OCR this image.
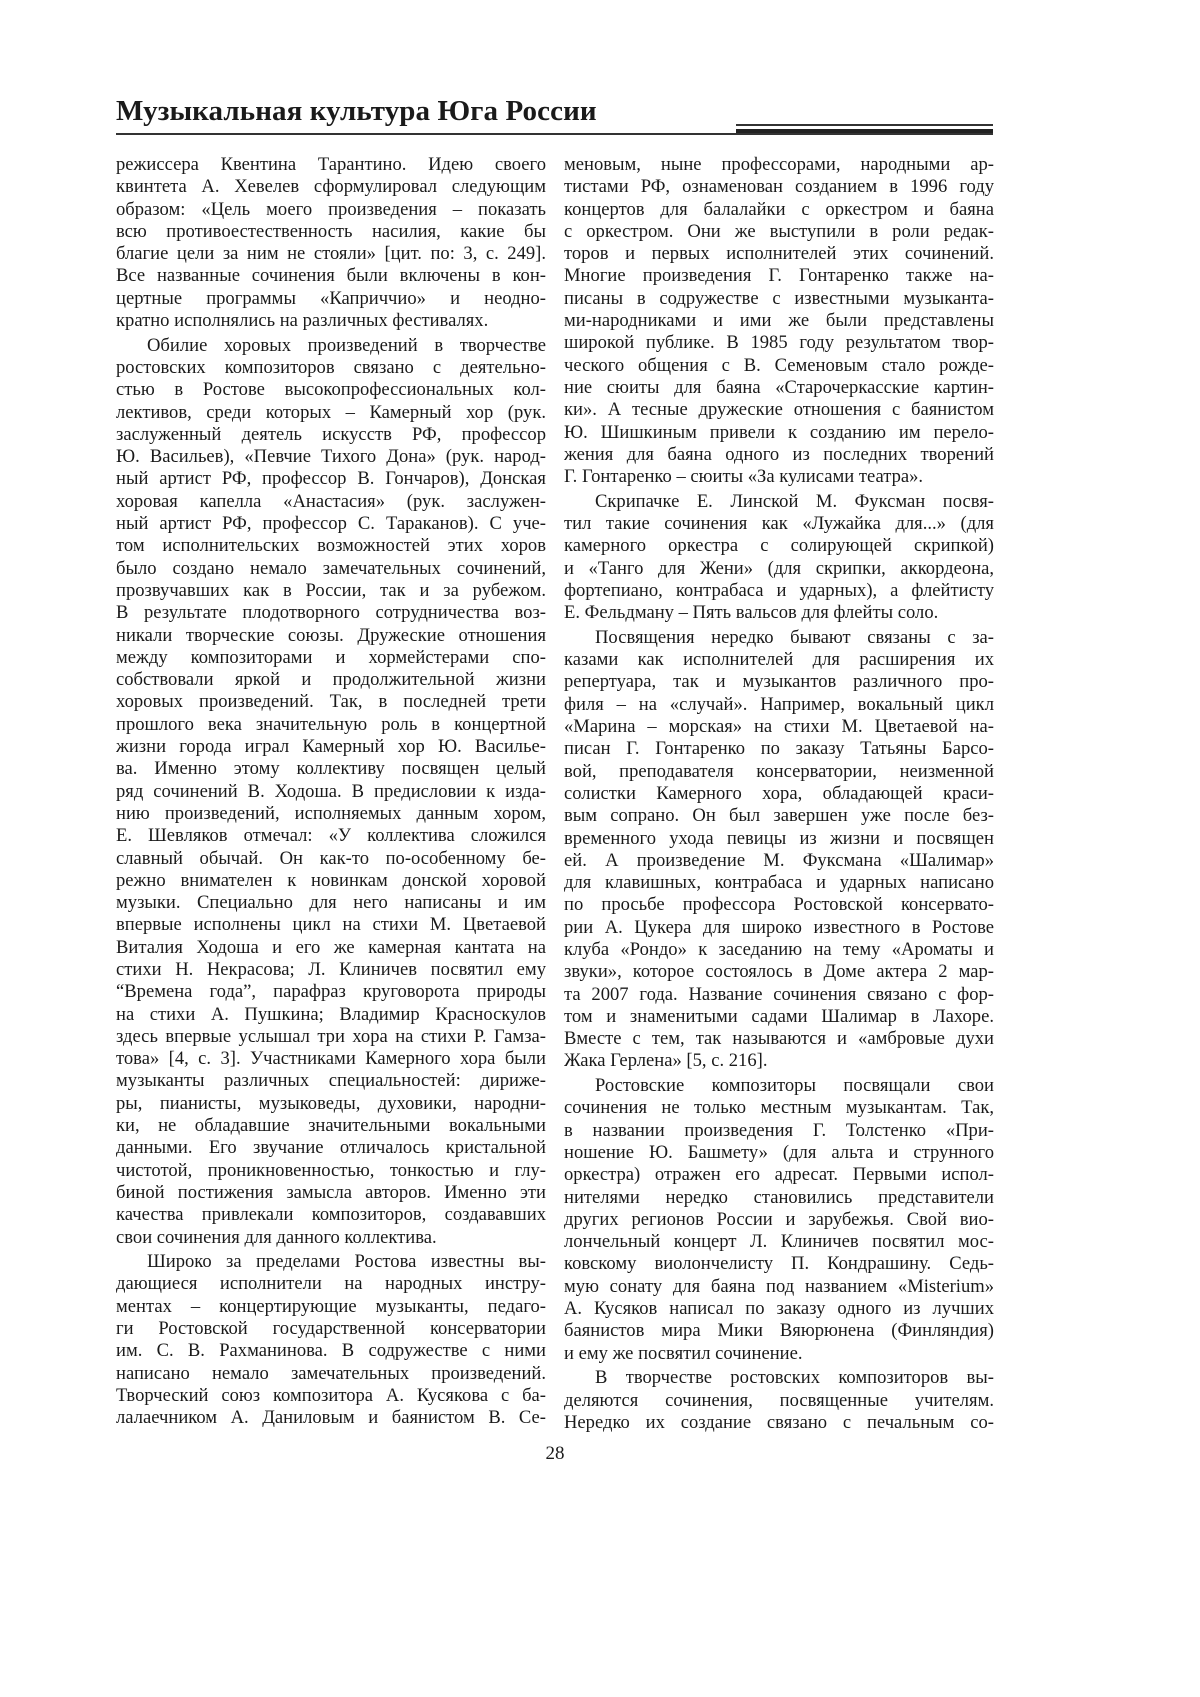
Музыкальная культура Юга России
режиссера Квентина Тарантино. Идею своего
квинтета А. Хевелев сформулировал следующим
образом: «Цель моего произведения – показать
всю противоестественность насилия, какие бы
благие цели за ним не стояли» [цит. по: 3, с. 249].
Все названные сочинения были включены в кон-
цертные программы «Каприччио» и неодно-
кратно исполнялись на различных фестивалях.
Обилие хоровых произведений в творчестве
ростовских композиторов связано с деятельно-
стью в Ростове высокопрофессиональных кол-
лективов, среди которых – Камерный хор (рук.
заслуженный деятель искусств РФ, профессор
Ю. Васильев), «Певчие Тихого Дона» (рук. народ-
ный артист РФ, профессор В. Гончаров), Донская
хоровая капелла «Анастасия» (рук. заслужен-
ный артист РФ, профессор С. Тараканов). С уче-
том исполнительских возможностей этих хоров
было создано немало замечательных сочинений,
прозвучавших как в России, так и за рубежом.
В результате плодотворного сотрудничества воз-
никали творческие союзы. Дружеские отношения
между композиторами и хормейстерами спо-
собствовали яркой и продолжительной жизни
хоровых произведений. Так, в последней трети
прошлого века значительную роль в концертной
жизни города играл Камерный хор Ю. Василье-
ва. Именно этому коллективу посвящен целый
ряд сочинений В. Ходоша. В предисловии к изда-
нию произведений, исполняемых данным хором,
Е. Шевляков отмечал: «У коллектива сложился
славный обычай. Он как-то по-особенному бе-
режно внимателен к новинкам донской хоровой
музыки. Специально для него написаны и им
впервые исполнены цикл на стихи М. Цветаевой
Виталия Ходоша и его же камерная кантата на
стихи Н. Некрасова; Л. Клиничев посвятил ему
“Времена года”, парафраз круговорота природы
на стихи А. Пушкина; Владимир Красноскулов
здесь впервые услышал три хора на стихи Р. Гамза-
това» [4, с. 3]. Участниками Камерного хора были
музыканты различных специальностей: дириже-
ры, пианисты, музыковеды, духовики, народни-
ки, не обладавшие значительными вокальными
данными. Его звучание отличалось кристальной
чистотой, проникновенностью, тонкостью и глу-
биной постижения замысла авторов. Именно эти
качества привлекали композиторов, создававших
свои сочинения для данного коллектива.
Широко за пределами Ростова известны вы-
дающиеся исполнители на народных инстру-
ментах – концертирующие музыканты, педаго-
ги Ростовской государственной консерватории
им. С. В. Рахманинова. В содружестве с ними
написано немало замечательных произведений.
Творческий союз композитора А. Кусякова с ба-
лалаечником А. Даниловым и баянистом В. Се-
меновым, ныне профессорами, народными ар-
тистами РФ, ознаменован созданием в 1996 году
концертов для балалайки с оркестром и баяна
с оркестром. Они же выступили в роли редак-
торов и первых исполнителей этих сочинений.
Многие произведения Г. Гонтаренко также на-
писаны в содружестве с известными музыканта-
ми-народниками и ими же были представлены
широкой публике. В 1985 году результатом твор-
ческого общения с В. Семеновым стало рожде-
ние сюиты для баяна «Старочеркасские картин-
ки». А тесные дружеские отношения с баянистом
Ю. Шишкиным привели к созданию им перело-
жения для баяна одного из последних творений
Г. Гонтаренко – сюиты «За кулисами театра».
Скрипачке Е. Линской М. Фуксман посвя-
тил такие сочинения как «Лужайка для...» (для
камерного оркестра с солирующей скрипкой)
и «Танго для Жени» (для скрипки, аккордеона,
фортепиано, контрабаса и ударных), а флейтисту
Е. Фельдману – Пять вальсов для флейты соло.
Посвящения нередко бывают связаны с за-
казами как исполнителей для расширения их
репертуара, так и музыкантов различного про-
филя – на «случай». Например, вокальный цикл
«Марина – морская» на стихи М. Цветаевой на-
писан Г. Гонтаренко по заказу Татьяны Барсо-
вой, преподавателя консерватории, неизменной
солистки Камерного хора, обладающей краси-
вым сопрано. Он был завершен уже после без-
временного ухода певицы из жизни и посвящен
ей. А произведение М. Фуксмана «Шалимар»
для клавишных, контрабаса и ударных написано
по просьбе профессора Ростовской консервато-
рии А. Цукера для широко известного в Ростове
клуба «Рондо» к заседанию на тему «Ароматы и
звуки», которое состоялось в Доме актера 2 мар-
та 2007 года. Название сочинения связано с фор-
том и знаменитыми садами Шалимар в Лахоре.
Вместе с тем, так называются и «амбровые духи
Жака Герлена» [5, с. 216].
Ростовские композиторы посвящали свои
сочинения не только местным музыкантам. Так,
в названии произведения Г. Толстенко «При-
ношение Ю. Башмету» (для альта и струнного
оркестра) отражен его адресат. Первыми испол-
нителями нередко становились представители
других регионов России и зарубежья. Свой вио-
лончельный концерт Л. Клиничев посвятил мос-
ковскому виолончелисту П. Кондрашину. Седь-
мую сонату для баяна под названием «Misterium»
А. Кусяков написал по заказу одного из лучших
баянистов мира Мики Вяюрюнена (Финляндия)
и ему же посвятил сочинение.
В творчестве ростовских композиторов вы-
деляются сочинения, посвященные учителям.
Нередко их создание связано с печальным со-
28
